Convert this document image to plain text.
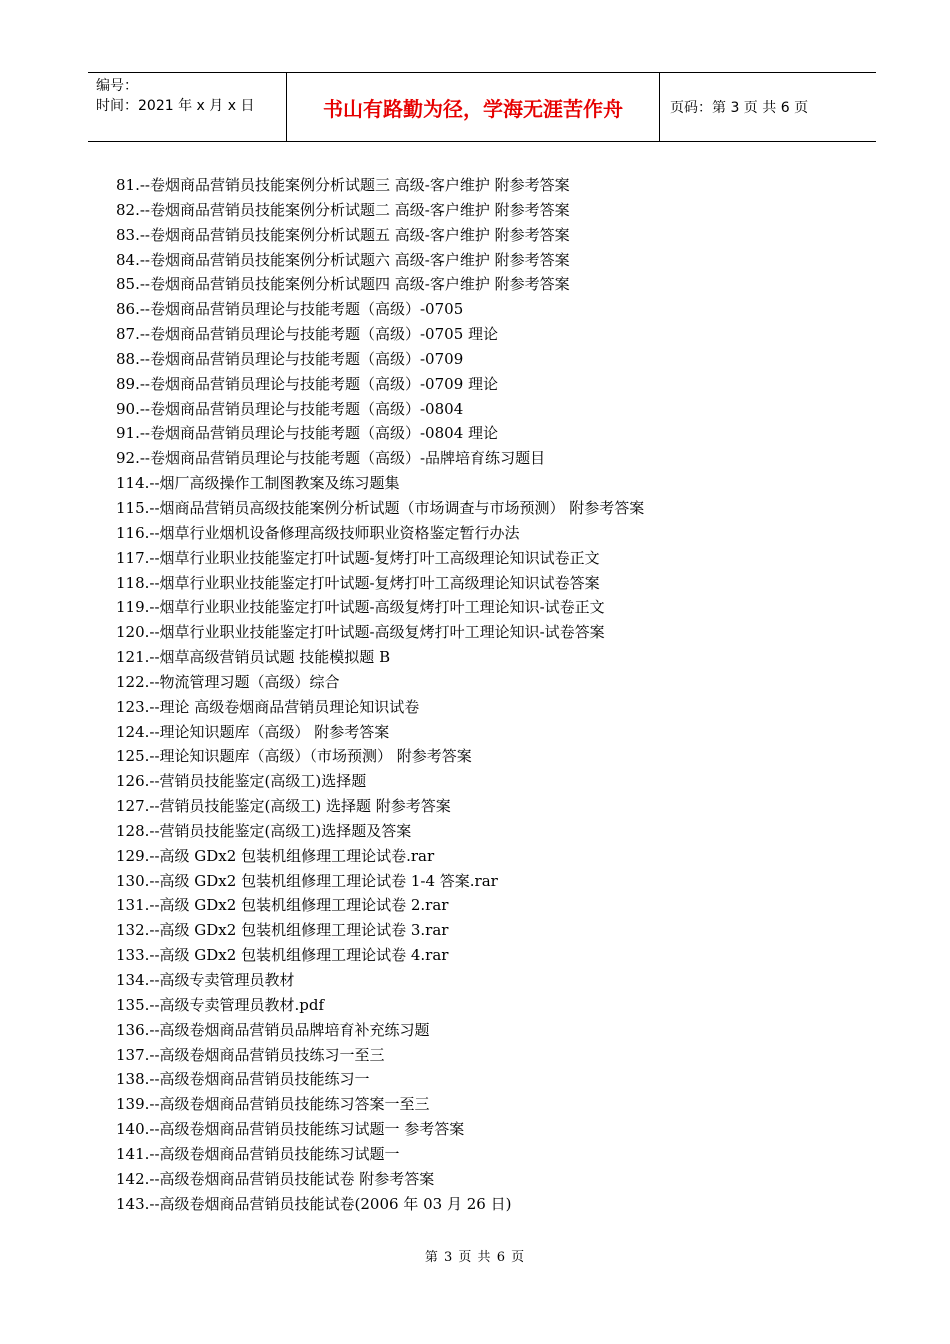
编号：
时间：2021 年 x 月 x 日	书山有路勤为径，学海无涯苦作舟	页码：第 3 页 共 6 页
81.--卷烟商品营销员技能案例分析试题三 高级-客户维护 附参考答案
82.--卷烟商品营销员技能案例分析试题二 高级-客户维护 附参考答案
83.--卷烟商品营销员技能案例分析试题五 高级-客户维护 附参考答案
84.--卷烟商品营销员技能案例分析试题六 高级-客户维护 附参考答案
85.--卷烟商品营销员技能案例分析试题四 高级-客户维护 附参考答案
86.--卷烟商品营销员理论与技能考题（高级）-0705
87.--卷烟商品营销员理论与技能考题（高级）-0705 理论
88.--卷烟商品营销员理论与技能考题（高级）-0709
89.--卷烟商品营销员理论与技能考题（高级）-0709 理论
90.--卷烟商品营销员理论与技能考题（高级）-0804
91.--卷烟商品营销员理论与技能考题（高级）-0804 理论
92.--卷烟商品营销员理论与技能考题（高级）-品牌培育练习题目
114.--烟厂高级操作工制图教案及练习题集
115.--烟商品营销员高级技能案例分析试题（市场调查与市场预测） 附参考答案
116.--烟草行业烟机设备修理高级技师职业资格鉴定暂行办法
117.--烟草行业职业技能鉴定打叶试题-复烤打叶工高级理论知识试卷正文
118.--烟草行业职业技能鉴定打叶试题-复烤打叶工高级理论知识试卷答案
119.--烟草行业职业技能鉴定打叶试题-高级复烤打叶工理论知识-试卷正文
120.--烟草行业职业技能鉴定打叶试题-高级复烤打叶工理论知识-试卷答案
121.--烟草高级营销员试题 技能模拟题 B
122.--物流管理习题（高级）综合
123.--理论 高级卷烟商品营销员理论知识试卷
124.--理论知识题库（高级） 附参考答案
125.--理论知识题库（高级）（市场预测） 附参考答案
126.--营销员技能鉴定(高级工)选择题
127.--营销员技能鉴定(高级工) 选择题 附参考答案
128.--营销员技能鉴定(高级工)选择题及答案
129.--高级 GDx2 包装机组修理工理论试卷.rar
130.--高级 GDx2 包装机组修理工理论试卷 1-4 答案.rar
131.--高级 GDx2 包装机组修理工理论试卷 2.rar
132.--高级 GDx2 包装机组修理工理论试卷 3.rar
133.--高级 GDx2 包装机组修理工理论试卷 4.rar
134.--高级专卖管理员教材
135.--高级专卖管理员教材.pdf
136.--高级卷烟商品营销员品牌培育补充练习题
137.--高级卷烟商品营销员技练习一至三
138.--高级卷烟商品营销员技能练习一
139.--高级卷烟商品营销员技能练习答案一至三
140.--高级卷烟商品营销员技能练习试题一 参考答案
141.--高级卷烟商品营销员技能练习试题一
142.--高级卷烟商品营销员技能试卷 附参考答案
143.--高级卷烟商品营销员技能试卷(2006 年 03 月 26 日)
第 3 页 共 6 页
